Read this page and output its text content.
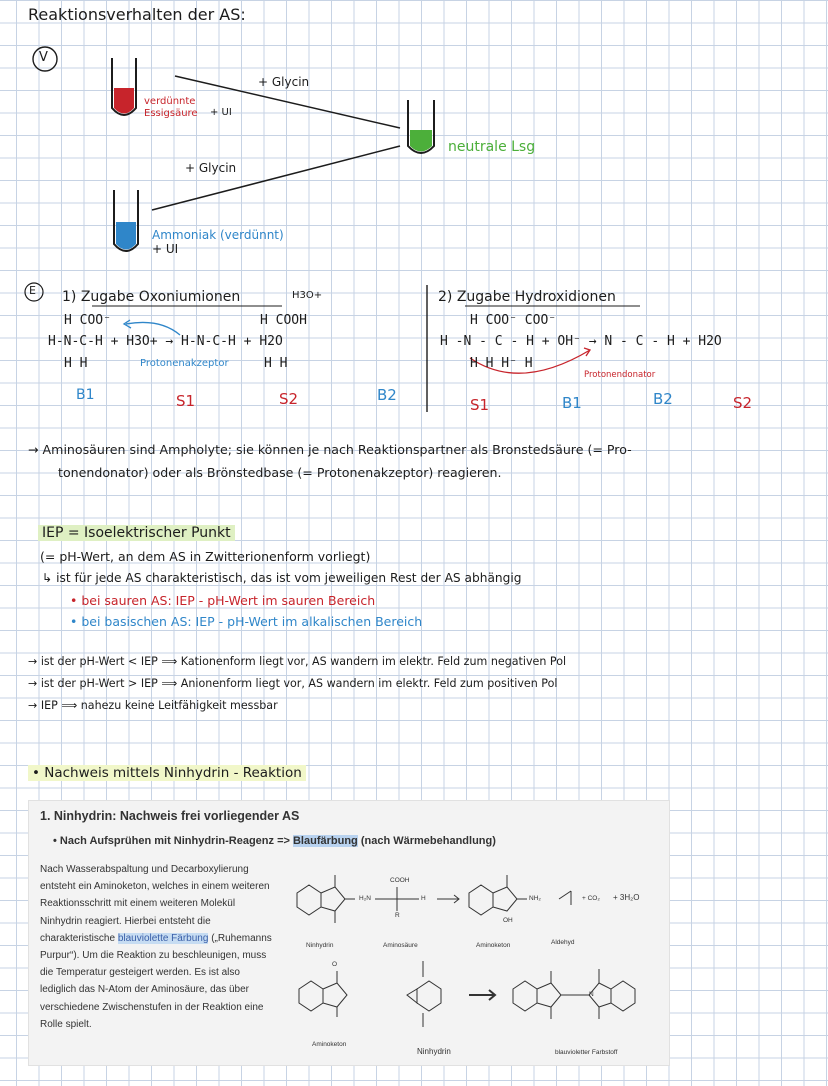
Reaktionsverhalten der AS:
V
+ Glycin
+ Glycin
verdünnte Essigsäure	+ UI
Ammoniak (verdünnt)
+ UI
neutrale Lsg
E 1) Zugabe Oxoniumionen	H3O+
H COO⁻	H COOH
H-N-C-H + H3O+ → H-N-C-H + H2O
H H	H H
Protonenakzeptor
B1	S1	S2	B2
2) Zugabe Hydroxidionen
H COO⁻ COO⁻
H -N - C - H + OH⁻ → N - C - H + H2O
H H H⁻ H
Protonendonator
S1	B1	B2	S2
→ Aminosäuren sind Ampholyte; sie können je nach Reaktionspartner als Bronstedsäure (= Pro-
tonendonator) oder als Brönstedbase (= Protonenakzeptor) reagieren.
IEP = Isoelektrischer Punkt
(= pH-Wert, an dem AS in Zwitterionenform vorliegt)
↳ ist für jede AS charakteristisch, das ist vom jeweiligen Rest der AS abhängig
• bei sauren AS: IEP - pH-Wert im sauren Bereich
• bei basischen AS: IEP - pH-Wert im alkalischen Bereich
→ ist der pH-Wert < IEP ⟹ Kationenform liegt vor, AS wandern im elektr. Feld zum negativen Pol
→ ist der pH-Wert > IEP ⟹ Anionenform liegt vor, AS wandern im elektr. Feld zum positiven Pol
→ IEP ⟹ nahezu keine Leitfähigkeit messbar
• Nachweis mittels Ninhydrin - Reaktion
1. Ninhydrin: Nachweis frei vorliegender AS
• Nach Aufsprühen mit Ninhydrin-Reagenz => Blaufärbung (nach Wärmebehandlung)
Nach Wasserabspaltung und Decarboxylierung entsteht ein Aminoketon, welches in einem weiteren Reaktionsschritt mit einem weiteren Molekül Ninhydrin reagiert. Hierbei entsteht die charakteristische blauviolette Färbung („Ruhemanns Purpur“). Um die Reaktion zu beschleunigen, muss die Temperatur gesteigert werden. Es ist also lediglich das N-Atom der Aminosäure, das über verschiedene Zwischenstufen in der Reaktion eine Rolle spielt.
Ninhydrin	Aminosäure	Aminoketon	Aldehyd
Aminoketon
Ninhydrin	blauvioletter Farbstoff
COOH
H₂N	H
R
NH₂	+ CO₂ + 3H₂O
OH
O
N
